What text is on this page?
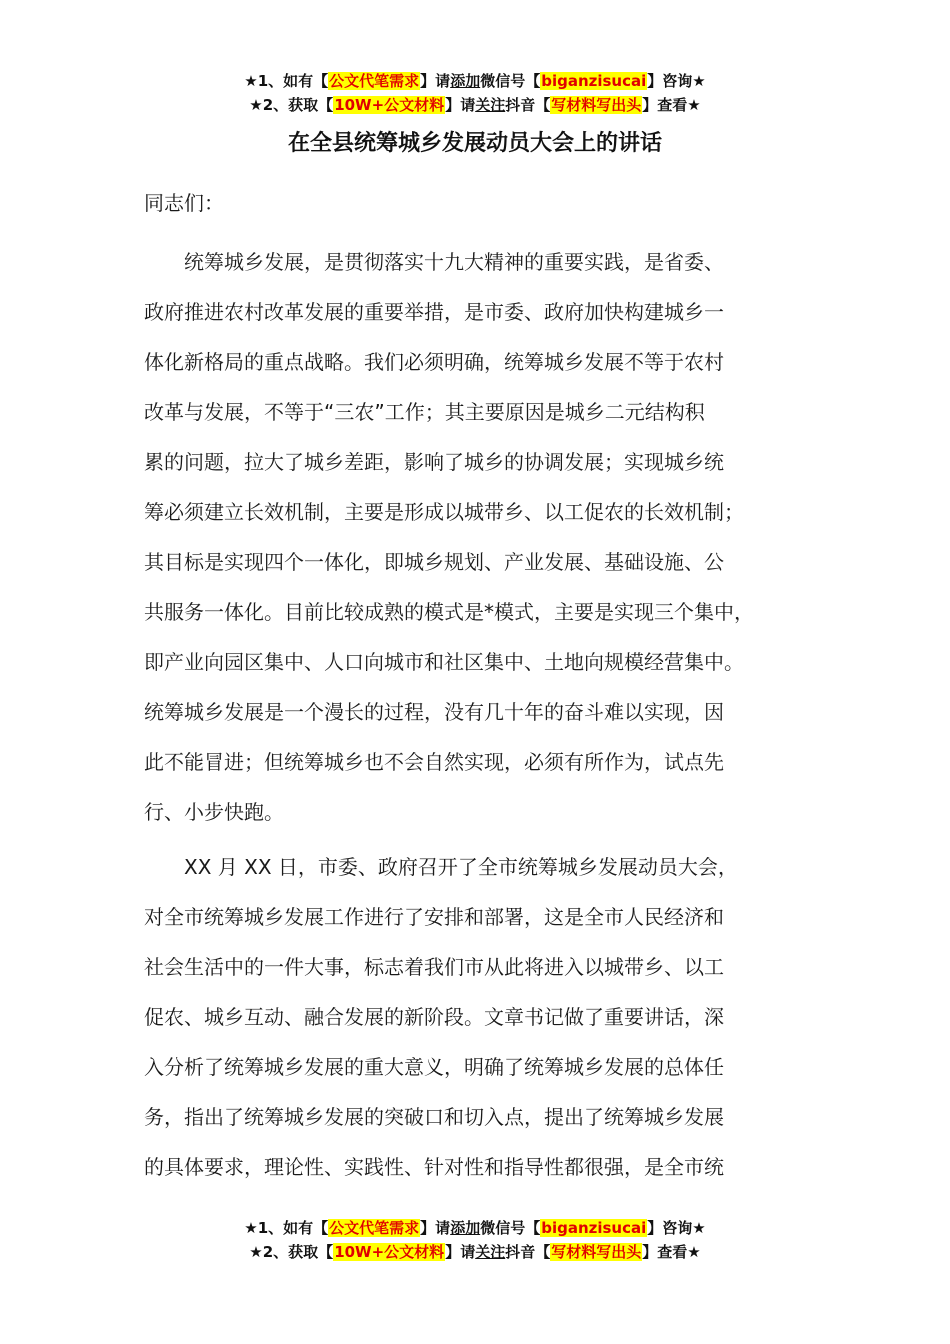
★1、如有【公文代笔需求】请添加微信号【biganzisucai】咨询★
★2、获取【10W+公文材料】请关注抖音【写材料写出头】查看★
在全县统筹城乡发展动员大会上的讲话
同志们：
统筹城乡发展，是贯彻落实十九大精神的重要实践，是省委、
政府推进农村改革发展的重要举措，是市委、政府加快构建城乡一
体化新格局的重点战略。我们必须明确，统筹城乡发展不等于农村
改革与发展，不等于“三农”工作；其主要原因是城乡二元结构积
累的问题，拉大了城乡差距，影响了城乡的协调发展；实现城乡统
筹必须建立长效机制，主要是形成以城带乡、以工促农的长效机制；
其目标是实现四个一体化，即城乡规划、产业发展、基础设施、公
共服务一体化。目前比较成熟的模式是*模式，主要是实现三个集中，
即产业向园区集中、人口向城市和社区集中、土地向规模经营集中。
统筹城乡发展是一个漫长的过程，没有几十年的奋斗难以实现，因
此不能冒进；但统筹城乡也不会自然实现，必须有所作为，试点先
行、小步快跑。
XX 月 XX 日，市委、政府召开了全市统筹城乡发展动员大会，
对全市统筹城乡发展工作进行了安排和部署，这是全市人民经济和
社会生活中的一件大事，标志着我们市从此将进入以城带乡、以工
促农、城乡互动、融合发展的新阶段。文章书记做了重要讲话，深
入分析了统筹城乡发展的重大意义，明确了统筹城乡发展的总体任
务，指出了统筹城乡发展的突破口和切入点，提出了统筹城乡发展
的具体要求，理论性、实践性、针对性和指导性都很强，是全市统
★1、如有【公文代笔需求】请添加微信号【biganzisucai】咨询★
★2、获取【10W+公文材料】请关注抖音【写材料写出头】查看★
